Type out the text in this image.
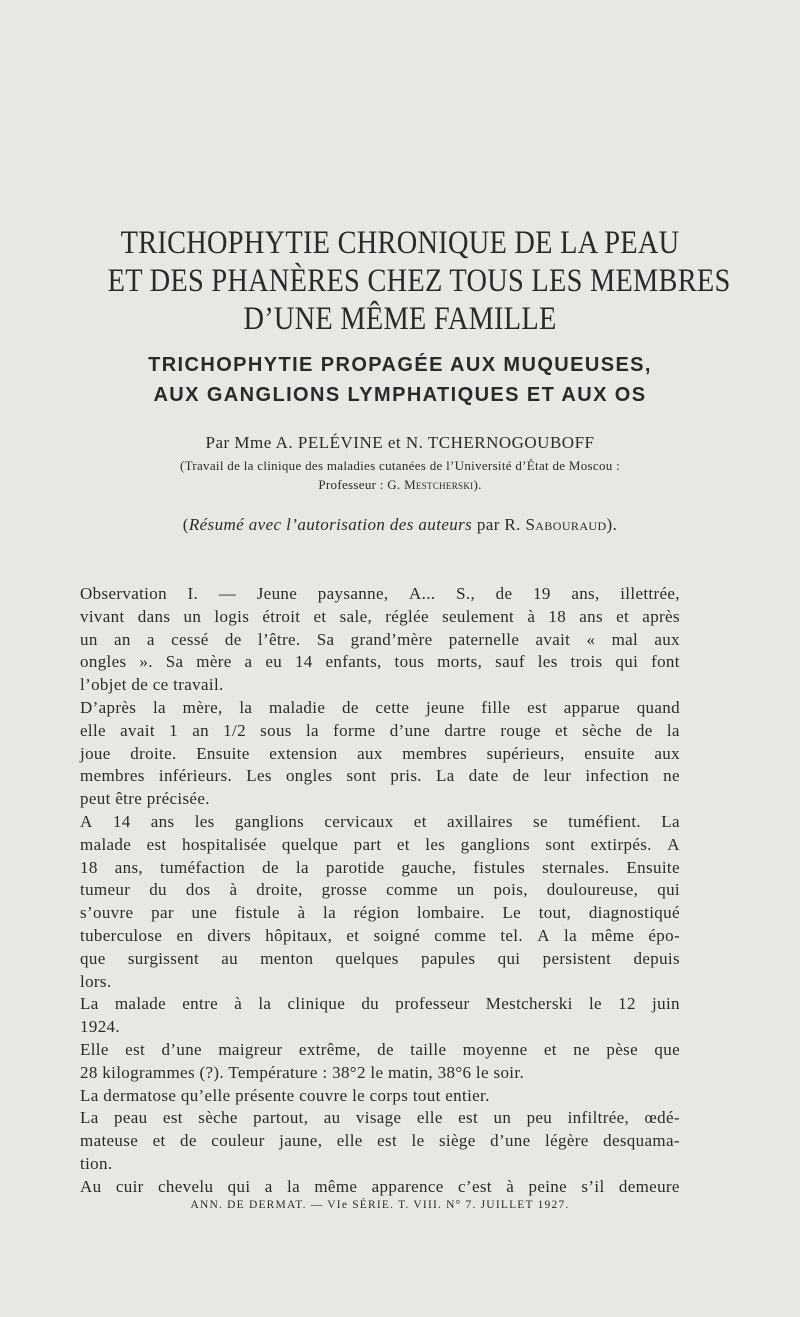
TRICHOPHYTIE CHRONIQUE DE LA PEAU
ET DES PHANÈRES CHEZ TOUS LES MEMBRES
D’UNE MÊME FAMILLE
TRICHOPHYTIE PROPAGÉE AUX MUQUEUSES,
AUX GANGLIONS LYMPHATIQUES ET AUX OS
Par Mme A. PELÉVINE et N. TCHERNOGOUBOFF
(Travail de la clinique des maladies cutanées de l’Université d’État de Moscou :
Professeur : G. Mestcherski).
(Résumé avec l’autorisation des auteurs par R. Sabouraud).
Observation I. — Jeune paysanne, A... S., de 19 ans, illettrée,
vivant dans un logis étroit et sale, réglée seulement à 18 ans et après
un an a cessé de l’être. Sa grand’mère paternelle avait « mal aux
ongles ». Sa mère a eu 14 enfants, tous morts, sauf les trois qui font
l’objet de ce travail.
D’après la mère, la maladie de cette jeune fille est apparue quand
elle avait 1 an 1/2 sous la forme d’une dartre rouge et sèche de la
joue droite. Ensuite extension aux membres supérieurs, ensuite aux
membres inférieurs. Les ongles sont pris. La date de leur infection ne
peut être précisée.
A 14 ans les ganglions cervicaux et axillaires se tuméfient. La
malade est hospitalisée quelque part et les ganglions sont extirpés. A
18 ans, tuméfaction de la parotide gauche, fistules sternales. Ensuite
tumeur du dos à droite, grosse comme un pois, douloureuse, qui
s’ouvre par une fistule à la région lombaire. Le tout, diagnostiqué
tuberculose en divers hôpitaux, et soigné comme tel. A la même épo-
que surgissent au menton quelques papules qui persistent depuis
lors.
La malade entre à la clinique du professeur Mestcherski le 12 juin
1924.
Elle est d’une maigreur extrême, de taille moyenne et ne pèse que
28 kilogrammes (?). Température : 38°2 le matin, 38°6 le soir.
La dermatose qu’elle présente couvre le corps tout entier.
La peau est sèche partout, au visage elle est un peu infiltrée, œdé-
mateuse et de couleur jaune, elle est le siège d’une légère desquama-
tion.
Au cuir chevelu qui a la même apparence c’est à peine s’il demeure
ANN. DE DERMAT. — VIe SÉRIE. T. VIII. N° 7. JUILLET 1927.
